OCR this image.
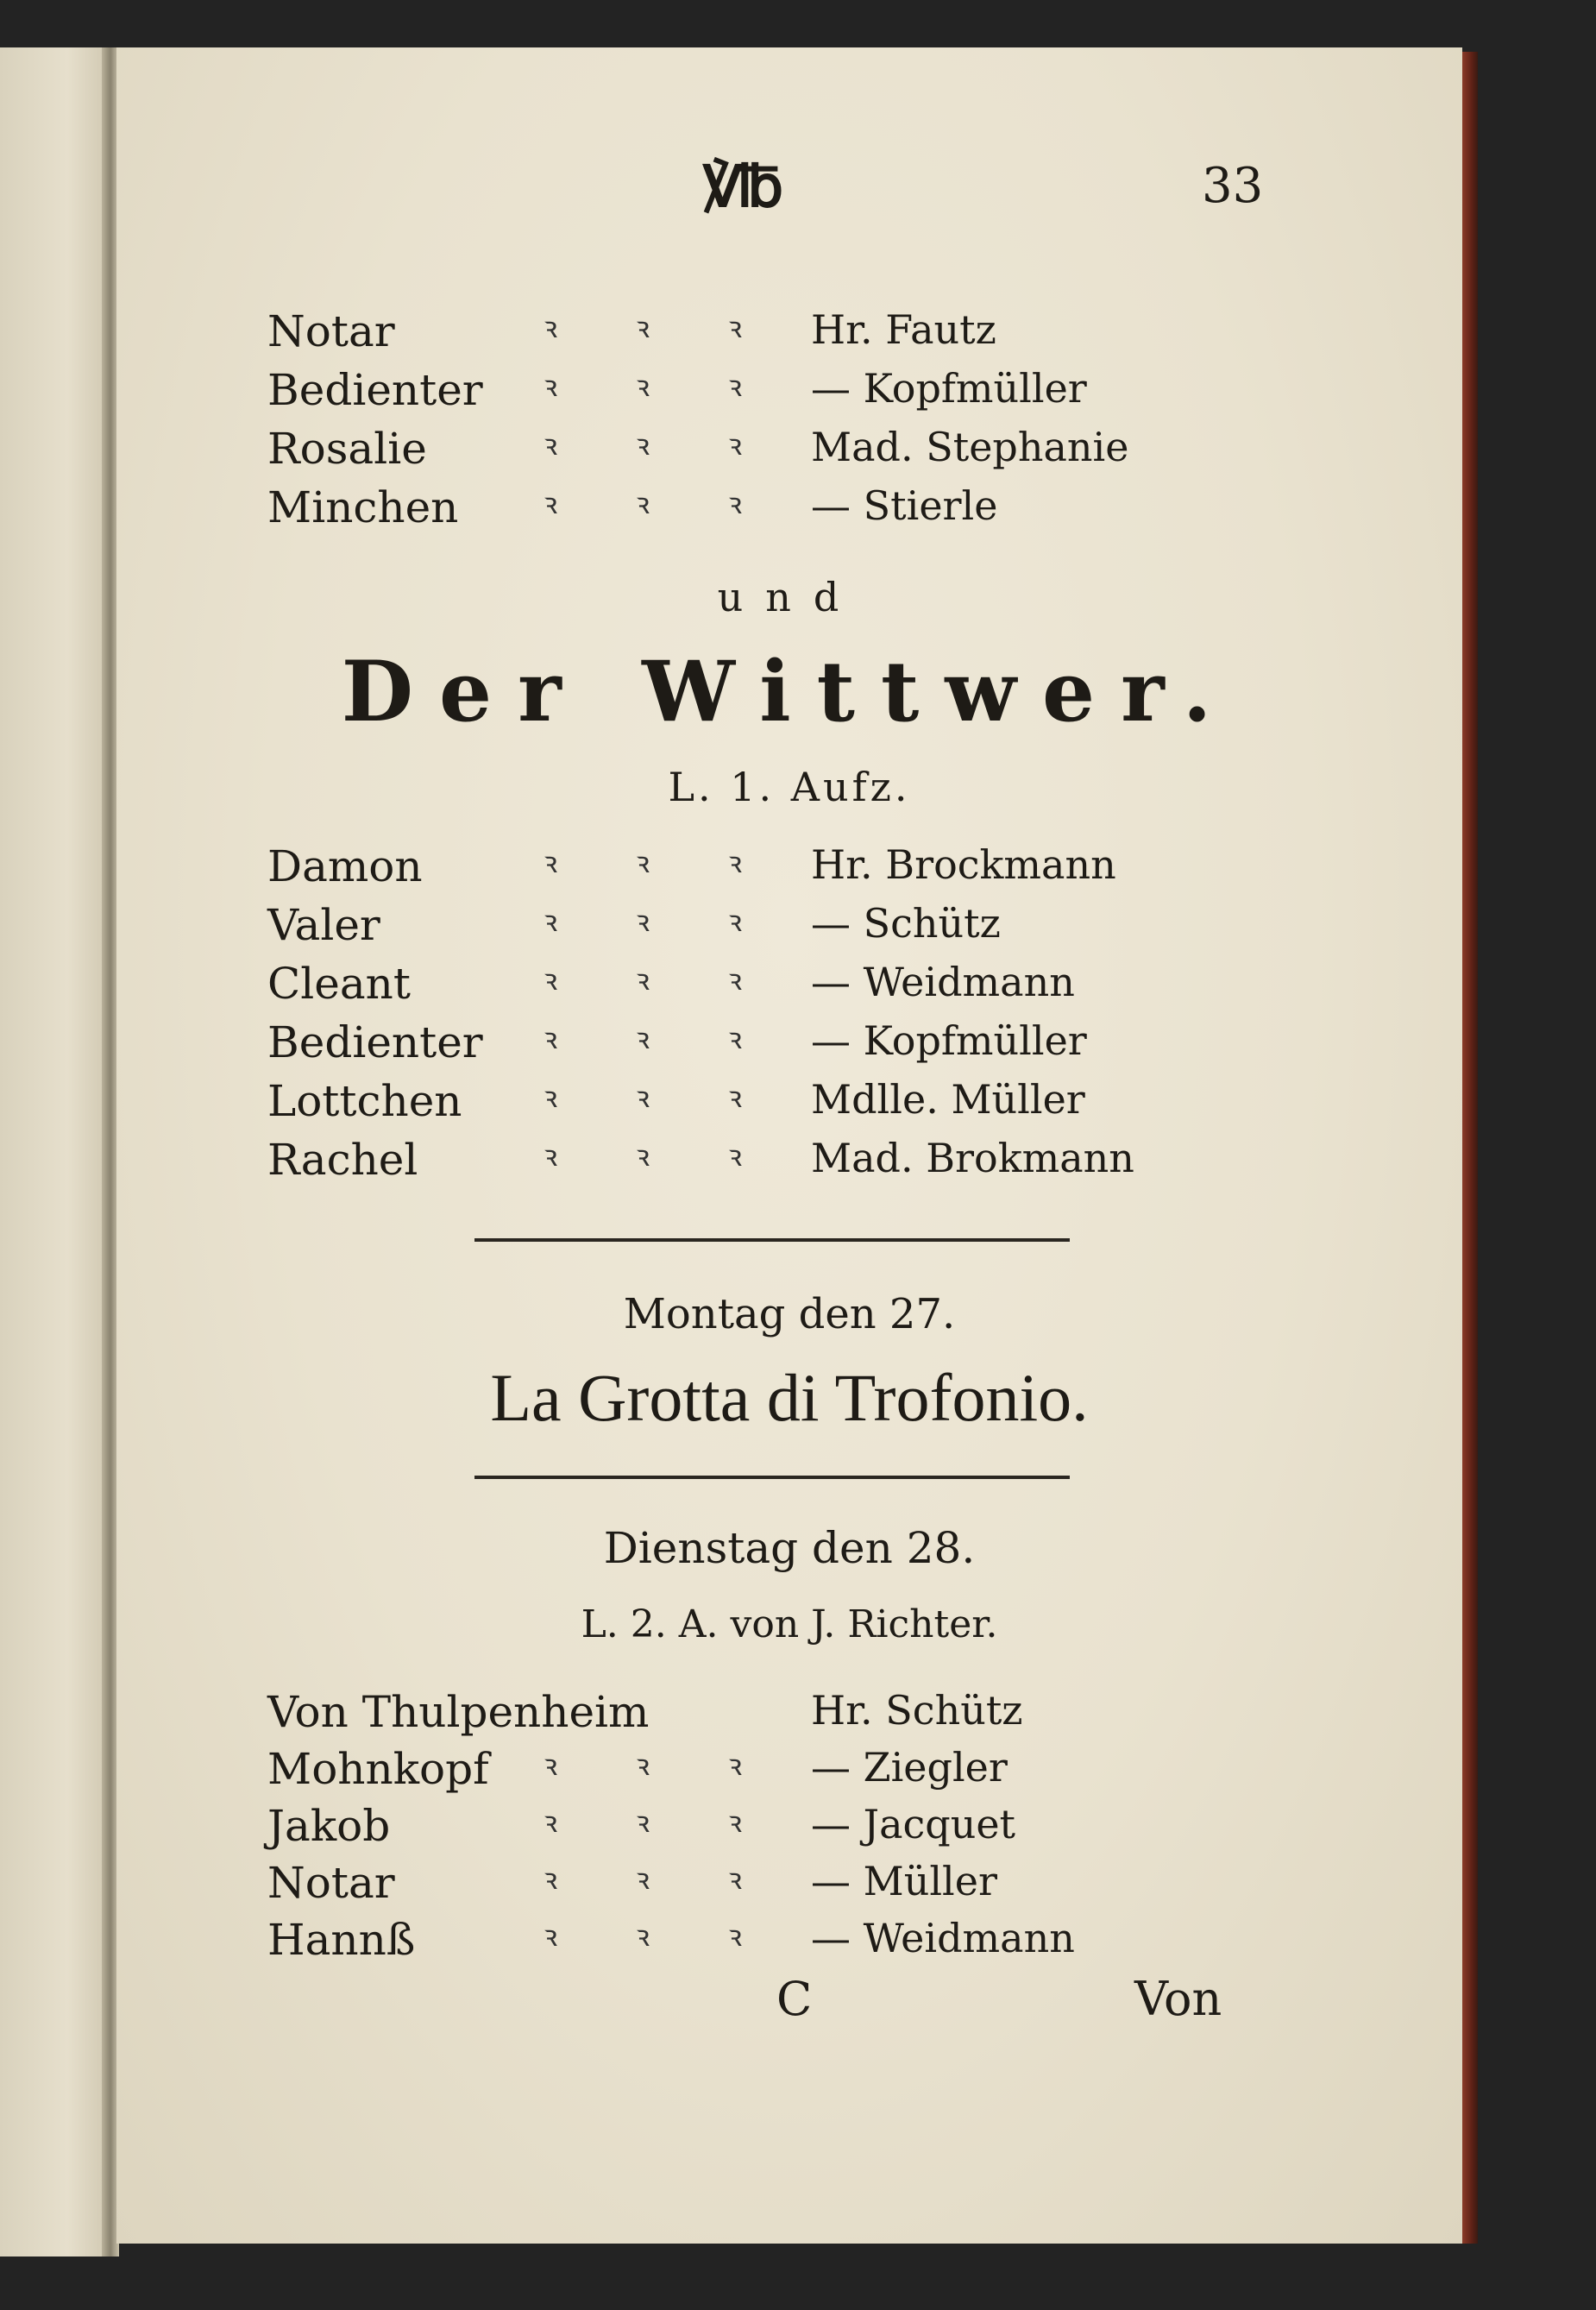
℣℔	33
Notar	ꝛ ꝛ ꝛ Hr. Fautz
Bedienter ꝛ ꝛ ꝛ — Kopfmüller
Rosalie	ꝛ ꝛ ꝛ Mad. Stephanie
Minchen	ꝛ ꝛ ꝛ — Stierle
und
Der Wittwer.
L. 1. Aufz.
Damon	ꝛ ꝛ ꝛ Hr. Brockmann
Valer	ꝛ ꝛ ꝛ — Schütz
Cleant	ꝛ ꝛ ꝛ — Weidmann
Bedienter ꝛ ꝛ ꝛ — Kopfmüller
Lottchen	ꝛ ꝛ ꝛ Mdlle. Müller
Rachel	ꝛ ꝛ ꝛ Mad. Brokmann
Montag den 27.
La Grotta di Trofonio.
Dienstag den 28.
L. 2. A. von J. Richter.
Von Thulpenheim	Hr. Schütz
Mohnkopf ꝛ ꝛ ꝛ — Ziegler
Jakob	ꝛ ꝛ ꝛ — Jacquet
Notar	ꝛ ꝛ ꝛ — Müller
Hannß	ꝛ ꝛ ꝛ — Weidmann
C	Von
